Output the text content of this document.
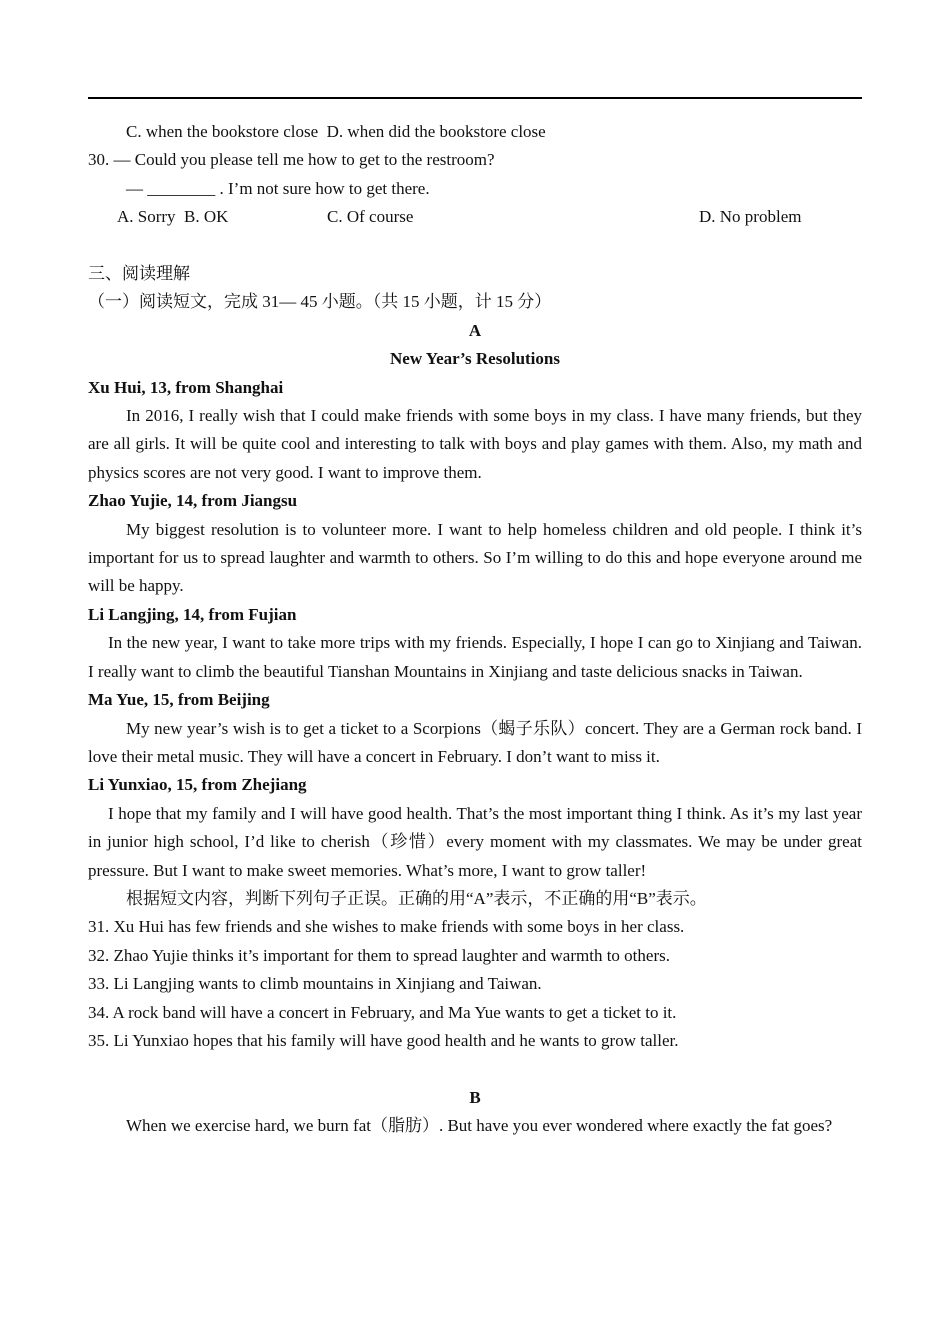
C. when the bookstore close  D. when did the bookstore close
30. — Could you please tell me how to get to the restroom?
— ________ . I’m not sure how to get there.
A. Sorry  B. OK	C. Of course	D. No problem
三、阅读理解
（一）阅读短文，完成 31— 45 小题。（共 15 小题，计 15 分）
A
New Year’s Resolutions
Xu Hui, 13, from Shanghai
In 2016, I really wish that I could make friends with some boys in my class. I have many friends, but they are all girls. It will be quite cool and interesting to talk with boys and play games with them. Also, my math and physics scores are not very good. I want to improve them.
Zhao Yujie, 14, from Jiangsu
My biggest resolution is to volunteer more. I want to help homeless children and old people. I think it’s important for us to spread laughter and warmth to others. So I’m willing to do this and hope everyone around me will be happy.
Li Langjing, 14, from Fujian
In the new year, I want to take more trips with my friends. Especially, I hope I can go to Xinjiang and Taiwan. I really want to climb the beautiful Tianshan Mountains in Xinjiang and taste delicious snacks in Taiwan.
Ma Yue, 15, from Beijing
My new year’s wish is to get a ticket to a Scorpions（蝎子乐队）concert. They are a German rock band. I love their metal music. They will have a concert in February. I don’t want to miss it.
Li Yunxiao, 15, from Zhejiang
I hope that my family and I will have good health. That’s the most important thing I think. As it’s my last year in junior high school, I’d like to cherish（珍惜）every moment with my classmates. We may be under great pressure. But I want to make sweet memories. What’s more, I want to grow taller!
根据短文内容，判断下列句子正误。正确的用“A”表示，不正确的用“B”表示。
31. Xu Hui has few friends and she wishes to make friends with some boys in her class.
32. Zhao Yujie thinks it’s important for them to spread laughter and warmth to others.
33. Li Langjing wants to climb mountains in Xinjiang and Taiwan.
34. A rock band will have a concert in February, and Ma Yue wants to get a ticket to it.
35. Li Yunxiao hopes that his family will have good health and he wants to grow taller.
B
When we exercise hard, we burn fat（脂肪）. But have you ever wondered where exactly the fat goes?
